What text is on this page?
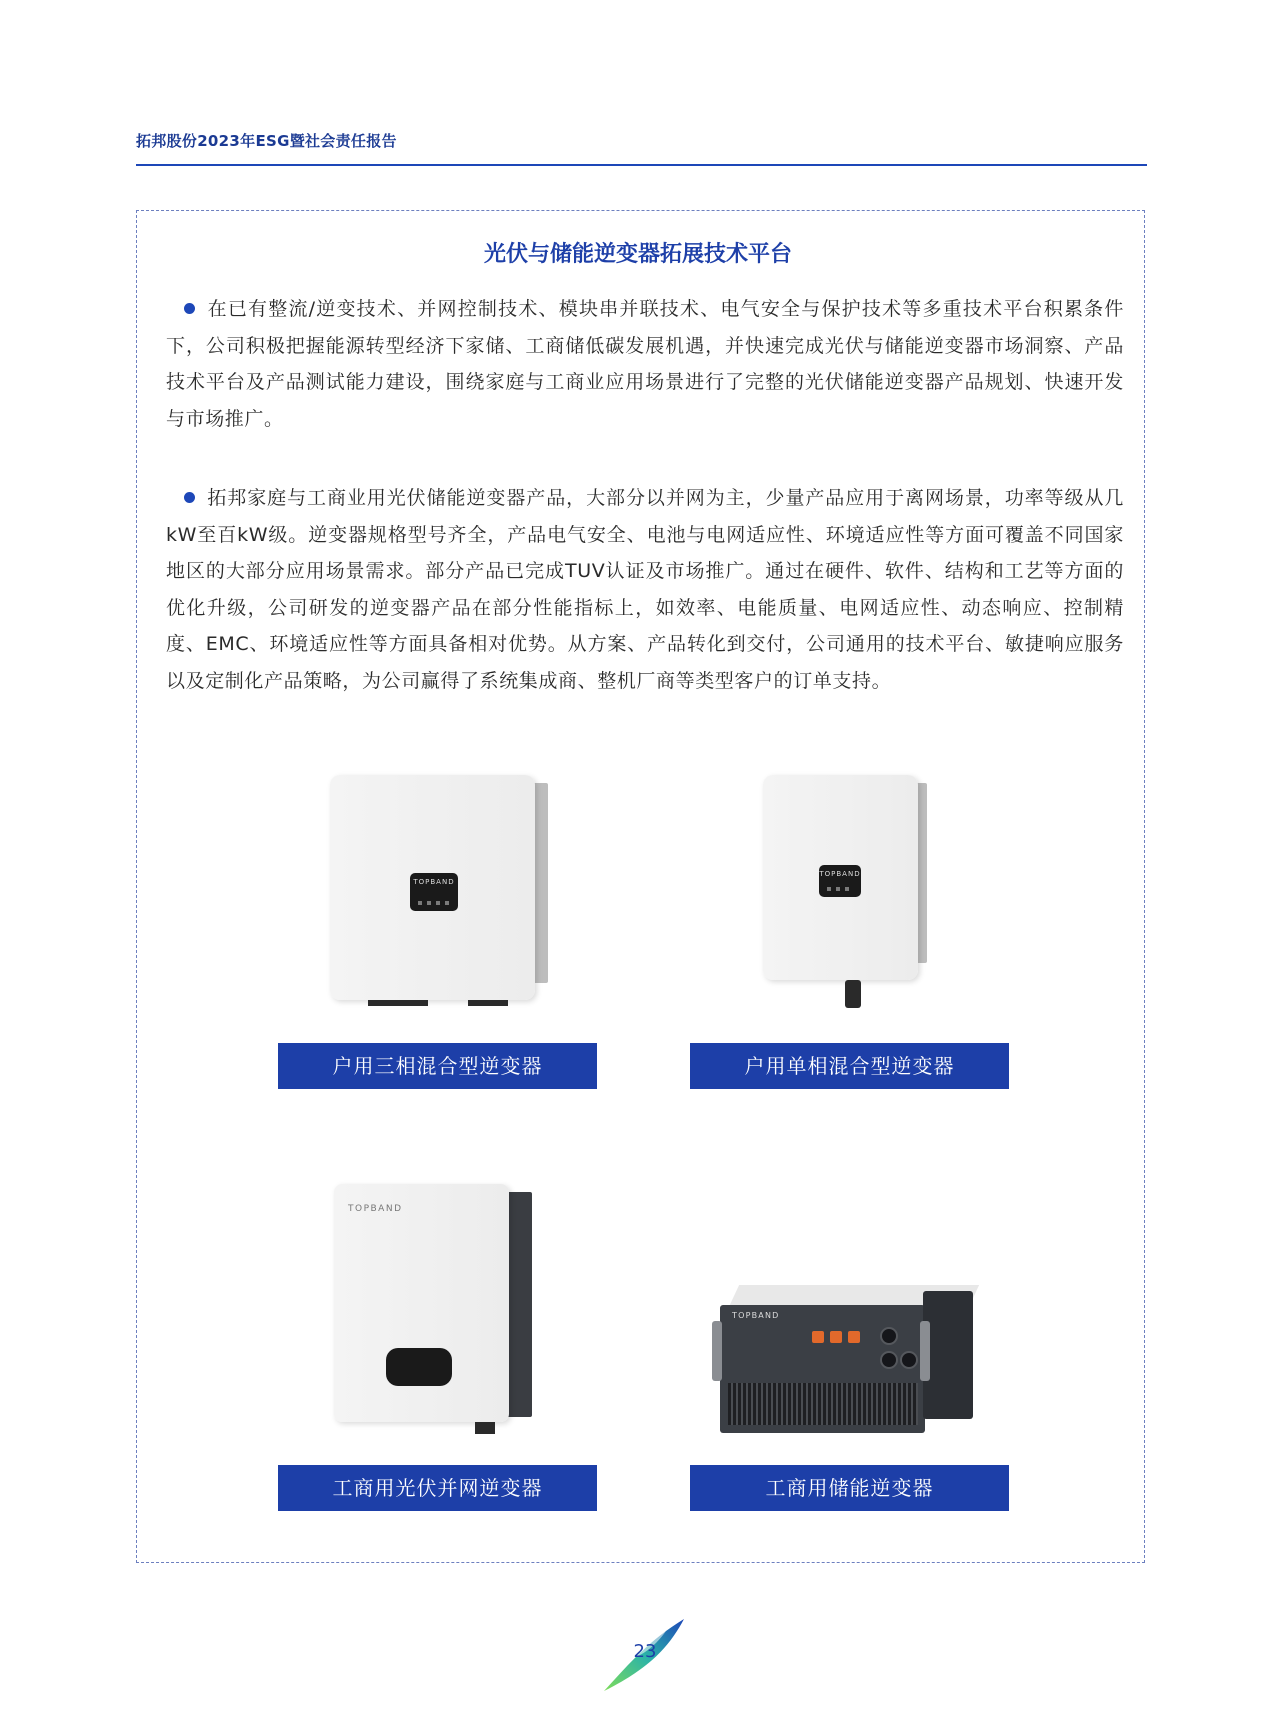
拓邦股份2023年ESG暨社会责任报告
光伏与储能逆变器拓展技术平台
在已有整流/逆变技术、并网控制技术、模块串并联技术、电气安全与保护技术等多重技术平台积累条件下，公司积极把握能源转型经济下家储、工商储低碳发展机遇，并快速完成光伏与储能逆变器市场洞察、产品技术平台及产品测试能力建设，围绕家庭与工商业应用场景进行了完整的光伏储能逆变器产品规划、快速开发与市场推广。
拓邦家庭与工商业用光伏储能逆变器产品，大部分以并网为主，少量产品应用于离网场景，功率等级从几kW至百kW级。逆变器规格型号齐全，产品电气安全、电池与电网适应性、环境适应性等方面可覆盖不同国家地区的大部分应用场景需求。部分产品已完成TUV认证及市场推广。通过在硬件、软件、结构和工艺等方面的优化升级，公司研发的逆变器产品在部分性能指标上，如效率、电能质量、电网适应性、动态响应、控制精度、EMC、环境适应性等方面具备相对优势。从方案、产品转化到交付，公司通用的技术平台、敏捷响应服务以及定制化产品策略，为公司赢得了系统集成商、整机厂商等类型客户的订单支持。
TOPBAND
户用三相混合型逆变器
TOPBAND
户用单相混合型逆变器
TOPBAND
工商用光伏并网逆变器
TOPBAND
工商用储能逆变器
23
